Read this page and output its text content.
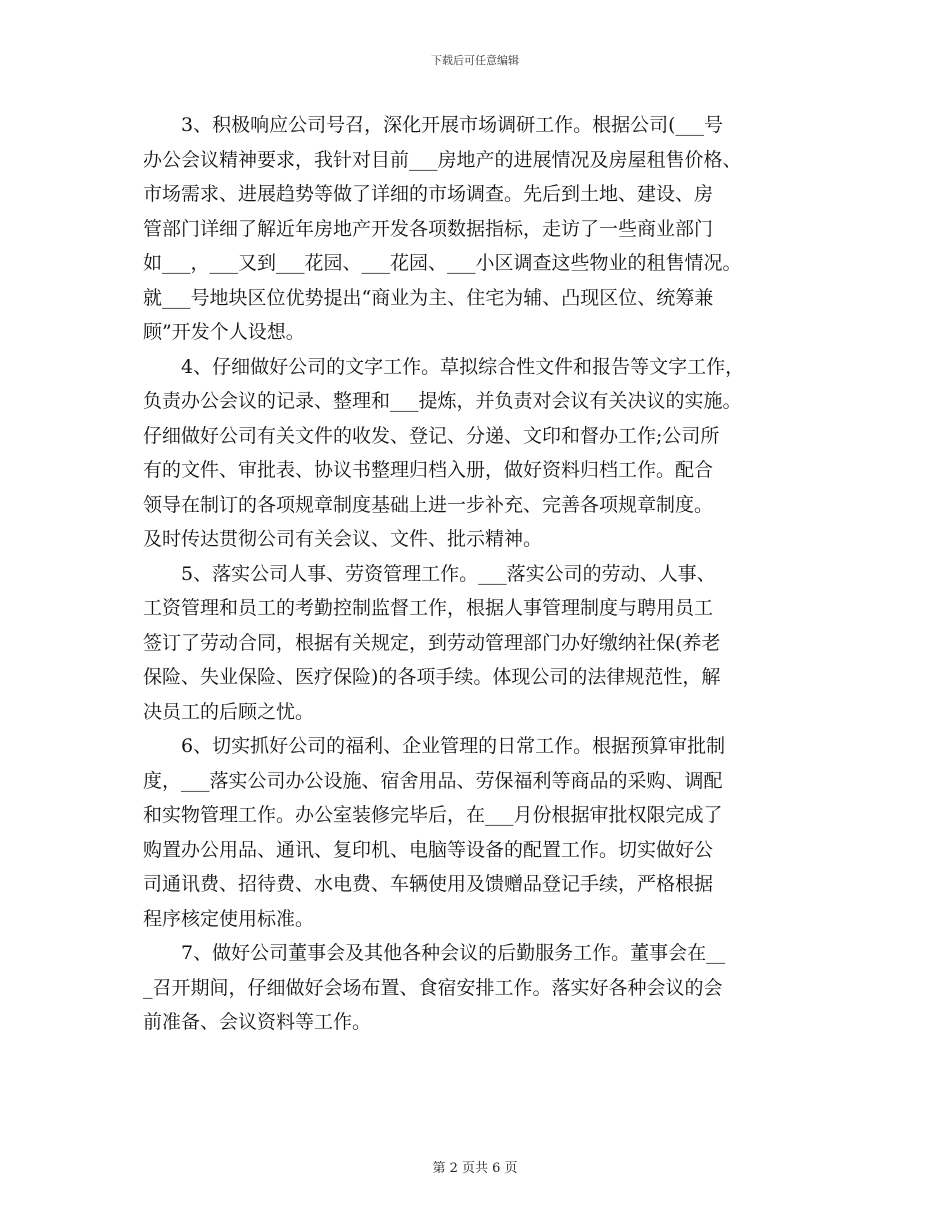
下载后可任意编辑

3、积极响应公司号召，深化开展市场调研工作。根据公司(___号
办公会议精神要求，我针对目前___房地产的进展情况及房屋租售价格、
市场需求、进展趋势等做了详细的市场调查。先后到土地、建设、房
管部门详细了解近年房地产开发各项数据指标，走访了一些商业部门
如___，___又到___花园、___花园、___小区调查这些物业的租售情况。
就___号地块区位优势提出“商业为主、住宅为辅、凸现区位、统筹兼
顾”开发个人设想。

4、仔细做好公司的文字工作。草拟综合性文件和报告等文字工作，
负责办公会议的记录、整理和___提炼，并负责对会议有关决议的实施。
仔细做好公司有关文件的收发、登记、分递、文印和督办工作;公司所
有的文件、审批表、协议书整理归档入册，做好资料归档工作。配合
领导在制订的各项规章制度基础上进一步补充、完善各项规章制度。
及时传达贯彻公司有关会议、文件、批示精神。

5、落实公司人事、劳资管理工作。___落实公司的劳动、人事、
工资管理和员工的考勤控制监督工作，根据人事管理制度与聘用员工
签订了劳动合同，根据有关规定，到劳动管理部门办好缴纳社保(养老
保险、失业保险、医疗保险)的各项手续。体现公司的法律规范性，解
决员工的后顾之忧。

6、切实抓好公司的福利、企业管理的日常工作。根据预算审批制
度，___落实公司办公设施、宿舍用品、劳保福利等商品的采购、调配
和实物管理工作。办公室装修完毕后，在___月份根据审批权限完成了
购置办公用品、通讯、复印机、电脑等设备的配置工作。切实做好公
司通讯费、招待费、水电费、车辆使用及馈赠品登记手续，严格根据
程序核定使用标准。

7、做好公司董事会及其他各种会议的后勤服务工作。董事会在__
_召开期间，仔细做好会场布置、食宿安排工作。落实好各种会议的会
前准备、会议资料等工作。

第 2 页共 6 页
